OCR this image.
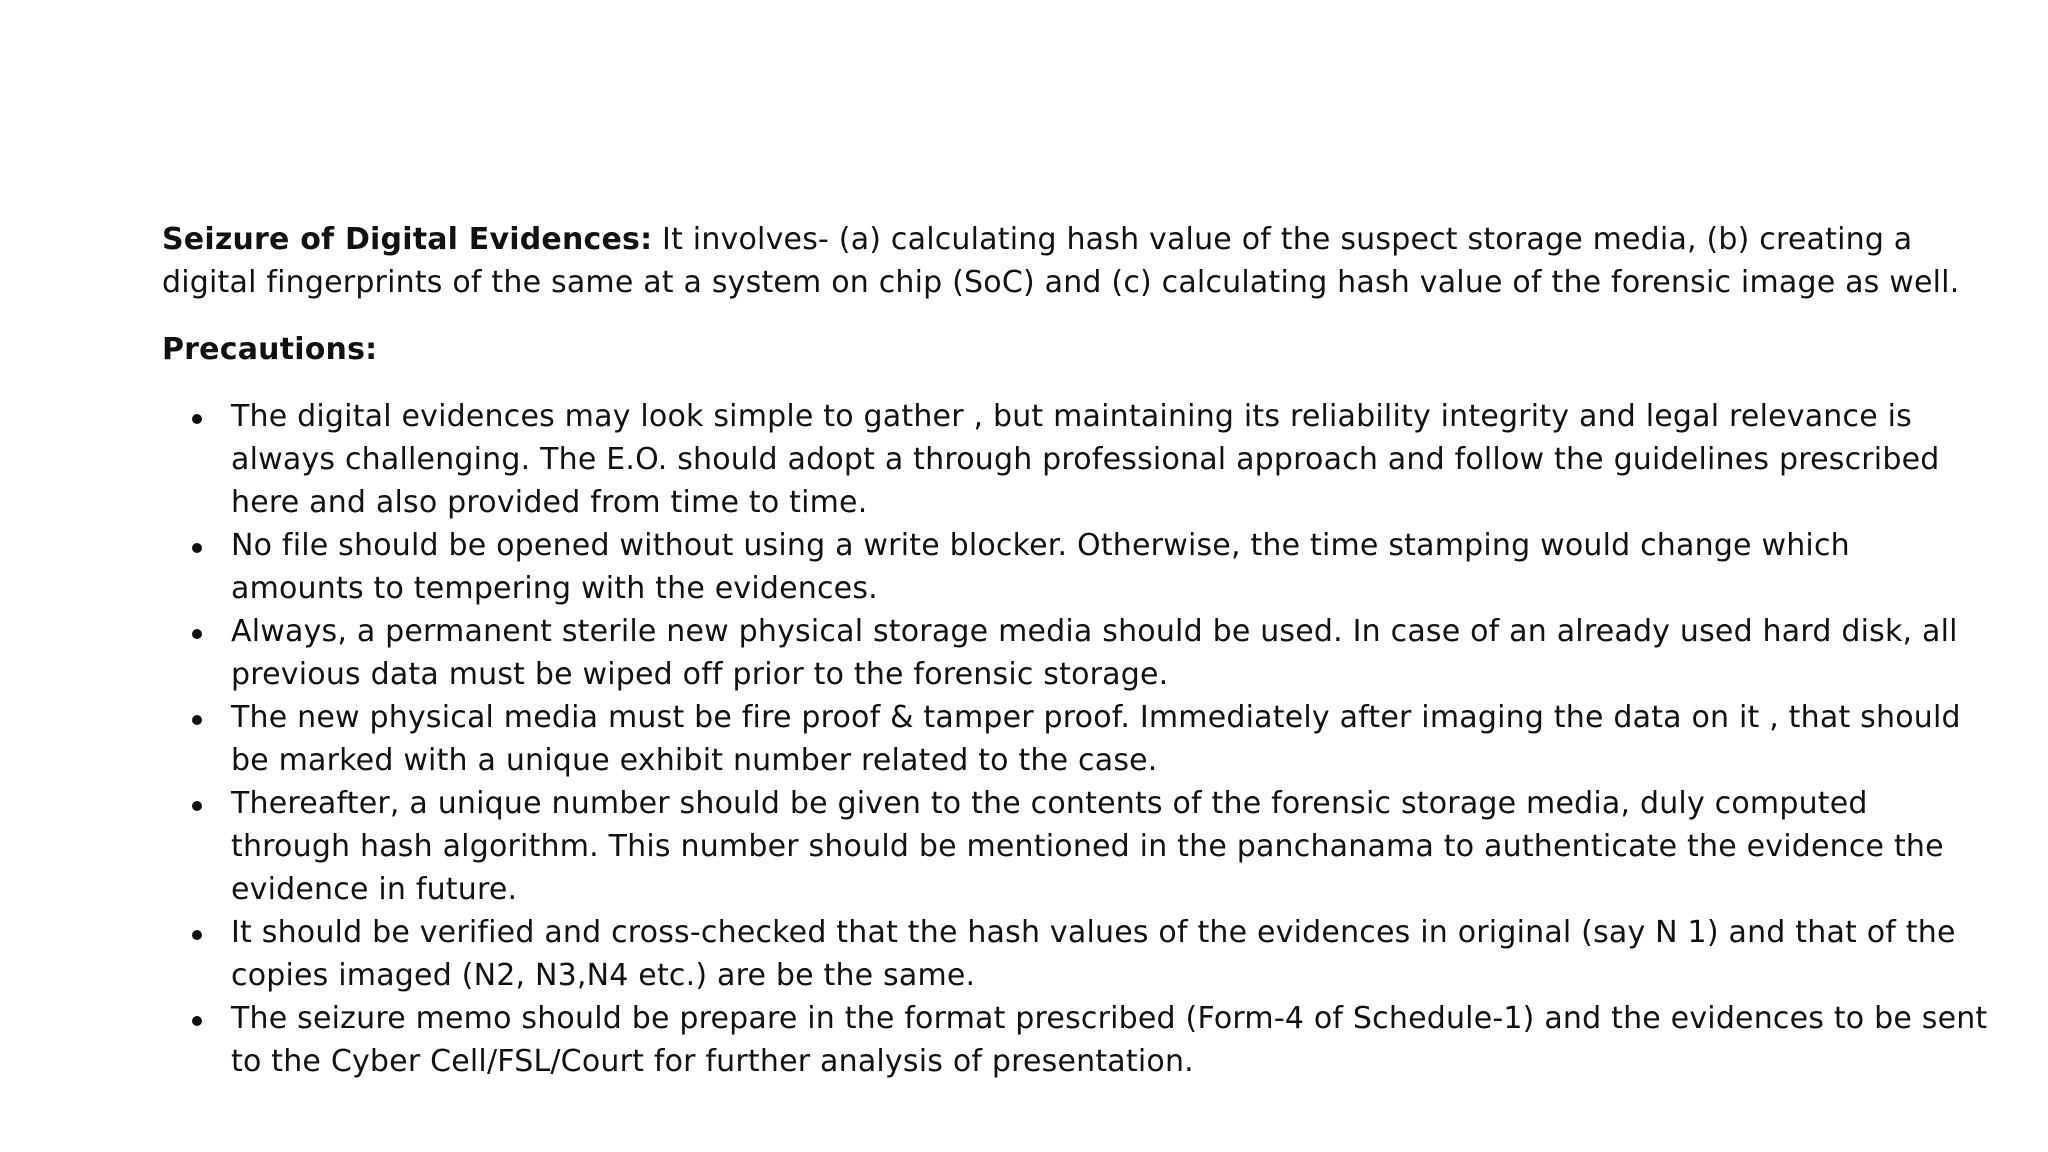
Seizure of Digital Evidences: It involves- (a) calculating hash value of the suspect storage media, (b) creating a digital fingerprints of the same at a system on chip (SoC) and (c) calculating hash value of the forensic image as well.

Precautions:

The digital evidences may look simple to gather , but maintaining its reliability integrity and legal relevance is always challenging. The E.O. should adopt a through professional approach and follow the guidelines prescribed here and also provided from time to time.
No file should be opened without using a write blocker. Otherwise, the time stamping would change which amounts to tempering with the evidences.
Always, a permanent sterile new physical storage media should be used. In case of an already used hard disk, all previous data must be wiped off prior to the forensic storage.
The new physical media must be fire proof & tamper proof. Immediately after imaging the data on it , that should be marked with a unique exhibit number related to the case.
Thereafter, a unique number should be given to the contents of the forensic storage media, duly computed through hash algorithm. This number should be mentioned in the panchanama to authenticate the evidence the evidence in future.
It should be verified and cross-checked that the hash values of the evidences in original (say N 1) and that of the copies imaged (N2, N3,N4 etc.) are be the same.
The seizure memo should be prepare in the format prescribed (Form-4 of Schedule-1) and the evidences to be sent to the Cyber Cell/FSL/Court for further analysis of presentation.
